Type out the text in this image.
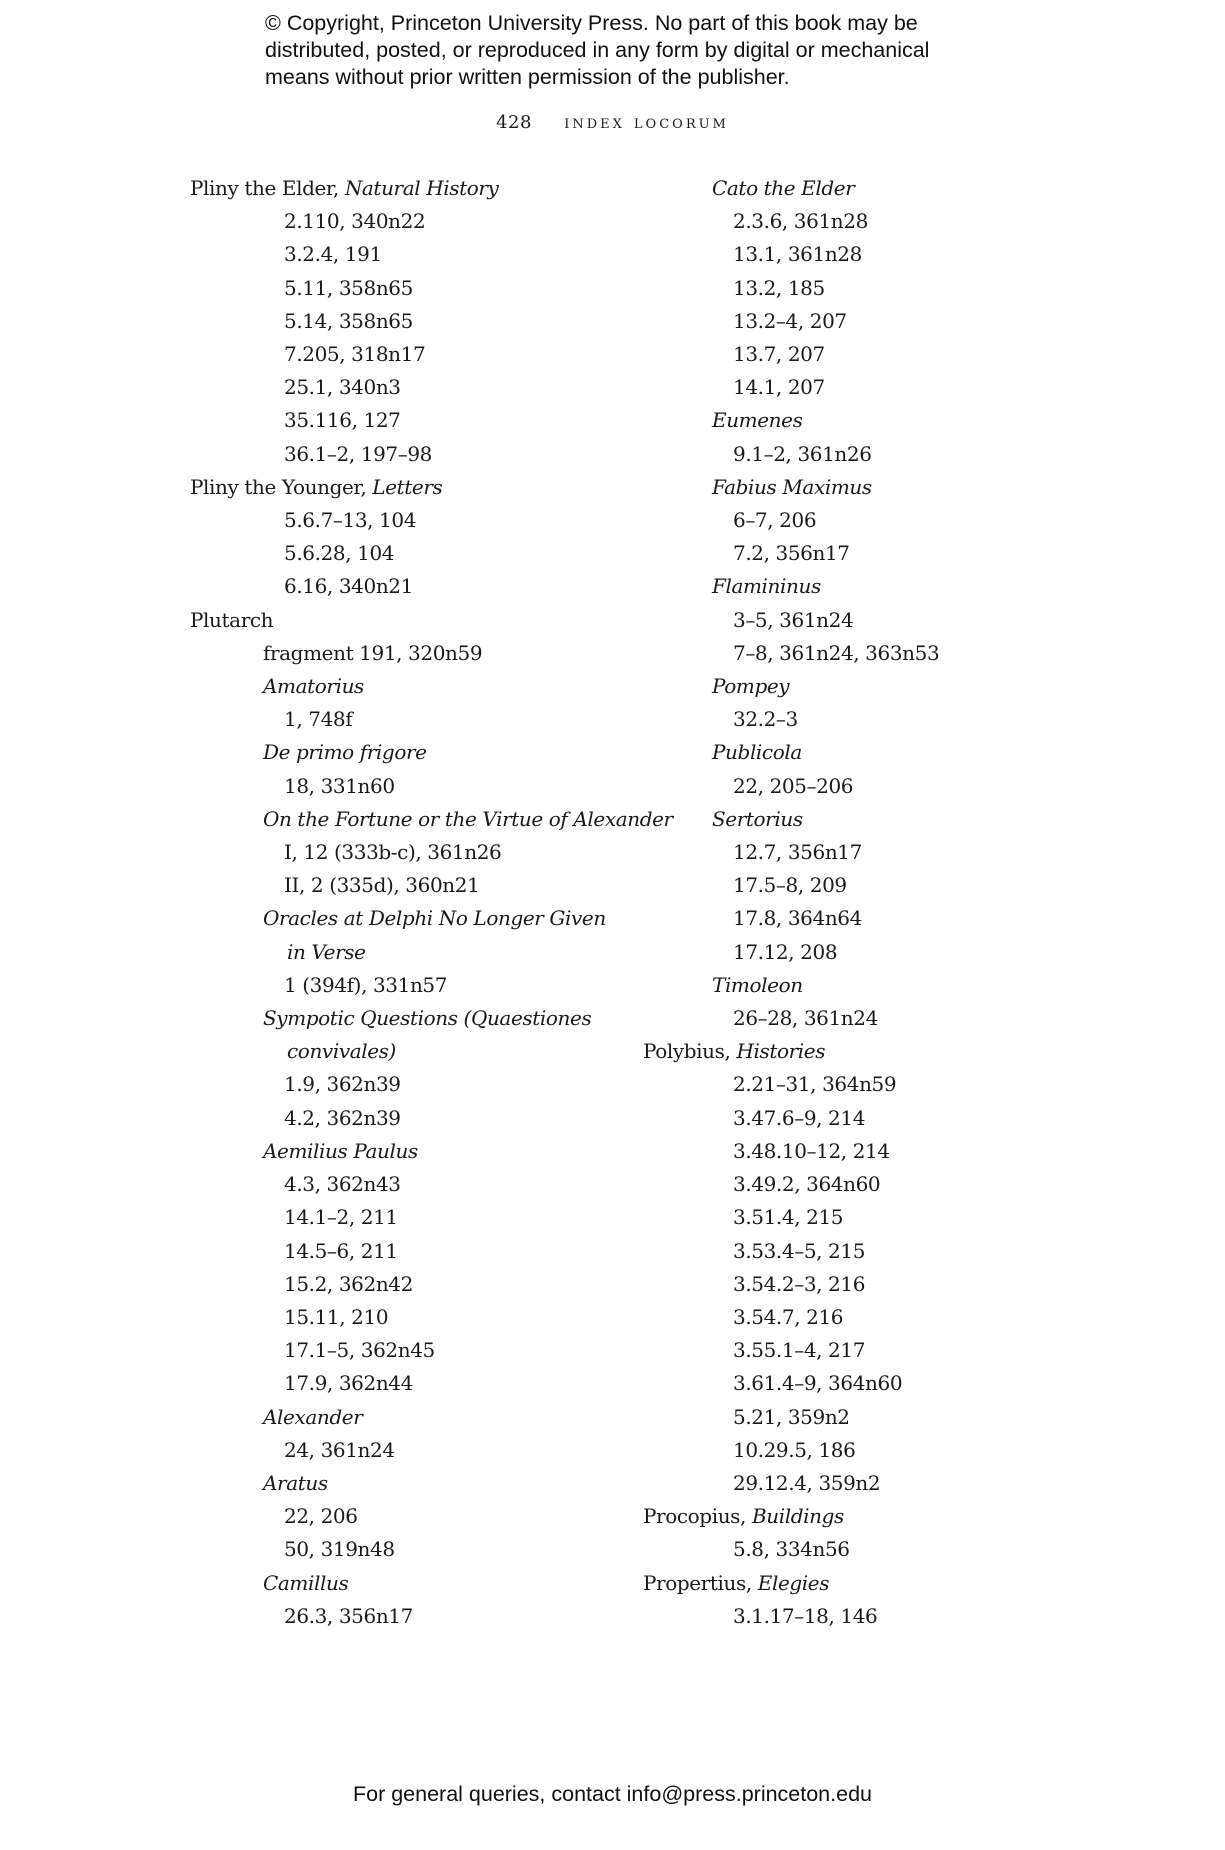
© Copyright, Princeton University Press. No part of this book may be
distributed, posted, or reproduced in any form by digital or mechanical
means without prior written permission of the publisher.
428 index locorum
Pliny the Elder, Natural History
2.110, 340n22
3.2.4, 191
5.11, 358n65
5.14, 358n65
7.205, 318n17
25.1, 340n3
35.116, 127
36.1–2, 197–98
Pliny the Younger, Letters
5.6.7–13, 104
5.6.28, 104
6.16, 340n21
Plutarch
fragment 191, 320n59
Amatorius
1, 748f
De primo frigore
18, 331n60
On the Fortune or the Virtue of Alexander
I, 12 (333b-c), 361n26
II, 2 (335d), 360n21
Oracles at Delphi No Longer Given
in Verse
1 (394f), 331n57
Sympotic Questions (Quaestiones
convivales)
1.9, 362n39
4.2, 362n39
Aemilius Paulus
4.3, 362n43
14.1–2, 211
14.5–6, 211
15.2, 362n42
15.11, 210
17.1–5, 362n45
17.9, 362n44
Alexander
24, 361n24
Aratus
22, 206
50, 319n48
Camillus
26.3, 356n17
Cato the Elder
2.3.6, 361n28
13.1, 361n28
13.2, 185
13.2–4, 207
13.7, 207
14.1, 207
Eumenes
9.1–2, 361n26
Fabius Maximus
6–7, 206
7.2, 356n17
Flamininus
3–5, 361n24
7–8, 361n24, 363n53
Pompey
32.2–3
Publicola
22, 205–206
Sertorius
12.7, 356n17
17.5–8, 209
17.8, 364n64
17.12, 208
Timoleon
26–28, 361n24
Polybius, Histories
2.21–31, 364n59
3.47.6–9, 214
3.48.10–12, 214
3.49.2, 364n60
3.51.4, 215
3.53.4–5, 215
3.54.2–3, 216
3.54.7, 216
3.55.1–4, 217
3.61.4–9, 364n60
5.21, 359n2
10.29.5, 186
29.12.4, 359n2
Procopius, Buildings
5.8, 334n56
Propertius, Elegies
3.1.17–18, 146
For general queries, contact info@press.princeton.edu
